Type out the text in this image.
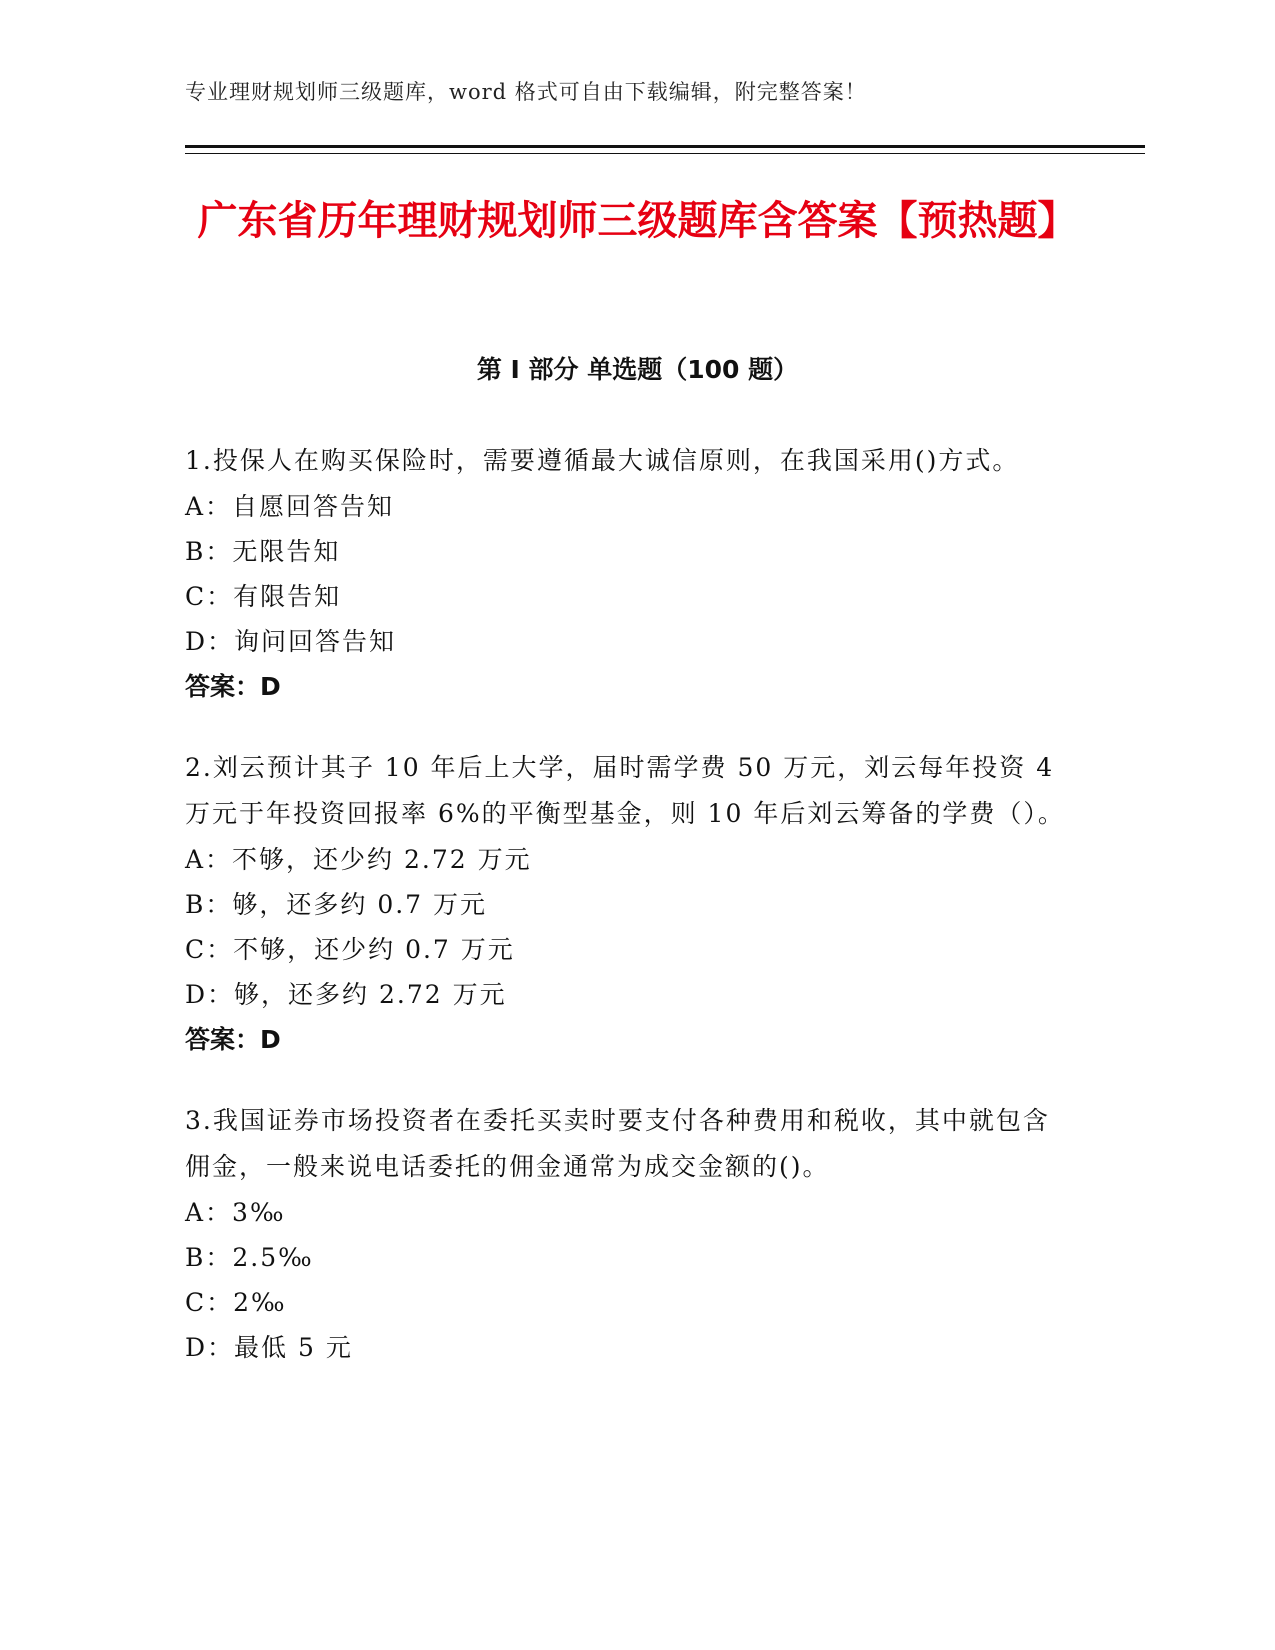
专业理财规划师三级题库，word 格式可自由下载编辑，附完整答案！
广东省历年理财规划师三级题库含答案【预热题】
第 I 部分 单选题（100 题）

1.投保人在购买保险时，需要遵循最大诚信原则，在我国采用()方式。

A：自愿回答告知

B：无限告知

C：有限告知

D：询问回答告知

答案：D

2.刘云预计其子 10 年后上大学，届时需学费 50 万元，刘云每年投资 4 万元于年投资回报率 6%的平衡型基金，则 10 年后刘云筹备的学费（）。

A：不够，还少约 2.72 万元

B：够，还多约 0.7 万元

C：不够，还少约 0.7 万元

D：够，还多约 2.72 万元

答案：D

3.我国证券市场投资者在委托买卖时要支付各种费用和税收，其中就包含佣金，一般来说电话委托的佣金通常为成交金额的()。

A：3‰

B：2.5‰

C：2‰

D：最低 5 元
